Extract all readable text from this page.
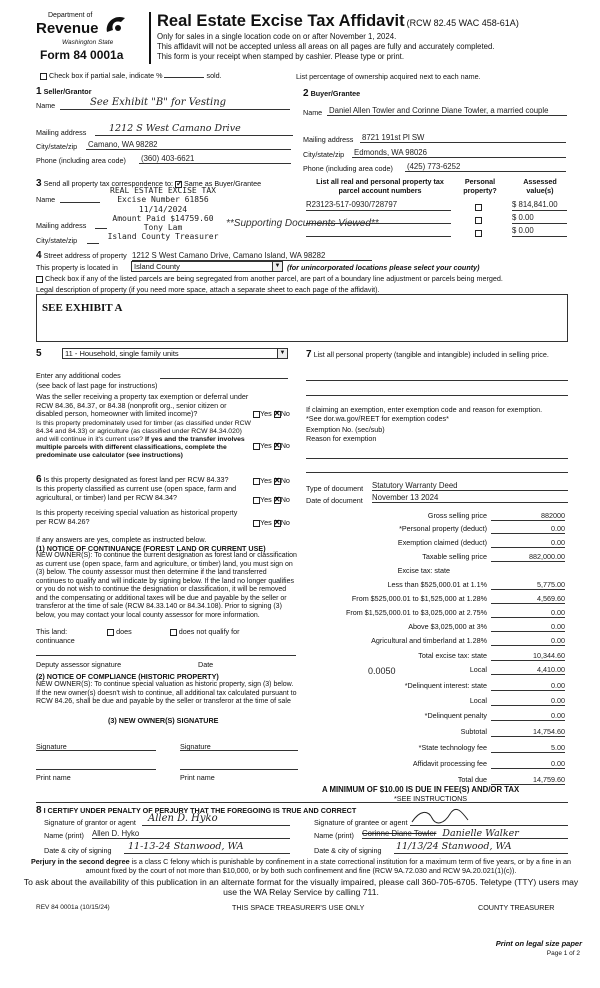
Department of
Revenue
Washington State
Form 84 0001a
Real Estate Excise Tax Affidavit (RCW 82.45 WAC 458-61A)
Only for sales in a single location code on or after November 1, 2024.
This affidavit will not be accepted unless all areas on all pages are fully and accurately completed.
This form is your receipt when stamped by cashier. Please type or print.
Check box if partial sale, indicate %	sold.	List percentage of ownership acquired next to each name.
1 Seller/Grantor
Name	See Exhibit "B" for Vesting
Mailing address	1212 S West Camano Drive
City/state/zip Camano, WA 98282
Phone (including area code) (360) 403-6621
2 Buyer/Grantee
Name Daniel Allen Towler and Corinne Diane Towler, a married couple
Mailing address 8721 191st Pl SW
City/state/zip Edmonds, WA 98026
Phone (including area code) (425) 773-6252
3 Send all property tax correspondence to: ✓ Same as Buyer/Grantee
Name
Mailing address
City/state/zip
REAL ESTATE EXCISE TAX
Excise Number 61856
11/14/2024
Amount Paid $14759.60
Tony Lam
Island County Treasurer
**Supporting Documents Viewed**
List all real and personal property tax parcel account numbers
Personal property?
Assessed value(s)
R23123-517-0930/728797	$ 814,841.00
$ 0.00
$ 0.00
4 Street address of property 1212 S West Camano Drive, Camano Island, WA 98282
This property is located in	Island County	▼ (for unincorporated locations please select your county)
Check box if any of the listed parcels are being segregated from another parcel, are part of a boundary line adjustment or parcels being merged.
Legal description of property (if you need more space, attach a separate sheet to each page of the affidavit).
SEE EXHIBIT A
5	11 - Household, single family units	▼
Enter any additional codes
(see back of last page for instructions)
Was the seller receiving a property tax exemption or deferral under RCW 84.36, 84.37, or 84.38 (nonprofit org., senior citizen or disabled person, homeowner with limited income)?	Yes ✕ No
Is this property predominately used for timber (as classified under RCW 84.34 and 84.33) or agriculture (as classified under RCW 84.34.020) and will continue in it's current use? If yes and the transfer involves multiple parcels with different classifications, complete the predominate use calculator (see instructions)
Yes ✕ No
7 List all personal property (tangible and intangible) included in selling price.
If claiming an exemption, enter exemption code and reason for exemption. *See dor.wa.gov/REET for exemption codes*
Exemption No. (sec/sub)
Reason for exemption
Type of document Statutory Warranty Deed
Date of document November 13 2024
Gross selling price	882000
*Personal property (deduct)	0.00
Exemption claimed (deduct)	0.00
Taxable selling price	882,000.00
Excise tax: state
Less than $525,000.01 at 1.1%	5,775.00
From $525,000.01 to $1,525,000 at 1.28%	4,569.60
From $1,525,000.01 to $3,025,000 at 2.75%	0.00
Above $3,025,000 at 3%	0.00
Agricultural and timberland at 1.28%	0.00
Total excise tax: state	10,344.60
0.0050	Local	4,410.00
*Delinquent interest: state	0.00
Local	0.00
*Delinquent penalty	0.00
Subtotal	14,754.60
*State technology fee	5.00
Affidavit processing fee	0.00
Total due	14,759.60
A MINIMUM OF $10.00 IS DUE IN FEE(S) AND/OR TAX
*SEE INSTRUCTIONS
6 Is this property designated as forest land per RCW 84.33?	Yes ✕ No
Is this property classified as current use (open space, farm and agricultural, or timber) land per RCW 84.34?	Yes ✕ No
Is this property receiving special valuation as historical property per RCW 84.26?	Yes ✕ No
If any answers are yes, complete as instructed below.
(1) NOTICE OF CONTINUANCE (FOREST LAND OR CURRENT USE)
NEW OWNER(S): To continue the current designation as forest land or classification as current use (open space, farm and agriculture, or timber) land, you must sign on (3) below. The county assessor must then determine if the land transferred continues to qualify and will indicate by signing below. If the land no longer qualifies or you do not wish to continue the designation or classification, it will be removed and the compensating or additional taxes will be due and payable by the seller or transferor at the time of sale (RCW 84.33.140 or 84.34.108). Prior to signing (3) below, you may contact your local county assessor for more information.
This land:	does	does not qualify for
continuance
Deputy assessor signature	Date
(2) NOTICE OF COMPLIANCE (HISTORIC PROPERTY)
NEW OWNER(S): To continue special valuation as historic property, sign (3) below. If the new owner(s) doesn't wish to continue, all additional tax calculated pursuant to RCW 84.26, shall be due and payable by the seller or transferor at the time of sale
(3) NEW OWNER(S) SIGNATURE
Signature	Signature
Print name	Print name
8 I CERTIFY UNDER PENALTY OF PERJURY THAT THE FOREGOING IS TRUE AND CORRECT
Signature of grantor or agent	Allen D. Hyko
Name (print) Allen D. Hyko
Date & city of signing	11-13-24 Stanwood, WA
Signature of grantee or agent
Name (print) Corinne Diane Towler Danielle Walker
Date & city of signing 11/13/24 Stanwood, WA
Perjury in the second degree is a class C felony which is punishable by confinement in a state correctional institution for a maximum term of five years, or by a fine in an amount fixed by the court of not more than $10,000, or by both such confinement and fine (RCW 9A.72.030 and RCW 9A.20.021(1)(c)).
To ask about the availability of this publication in an alternate format for the visually impaired, please call 360-705-6705. Teletype (TTY) users may use the WA Relay Service by calling 711.
REV 84 0001a (10/15/24)	THIS SPACE TREASURER'S USE ONLY	COUNTY TREASURER
Print on legal size paper
Page 1 of 2
